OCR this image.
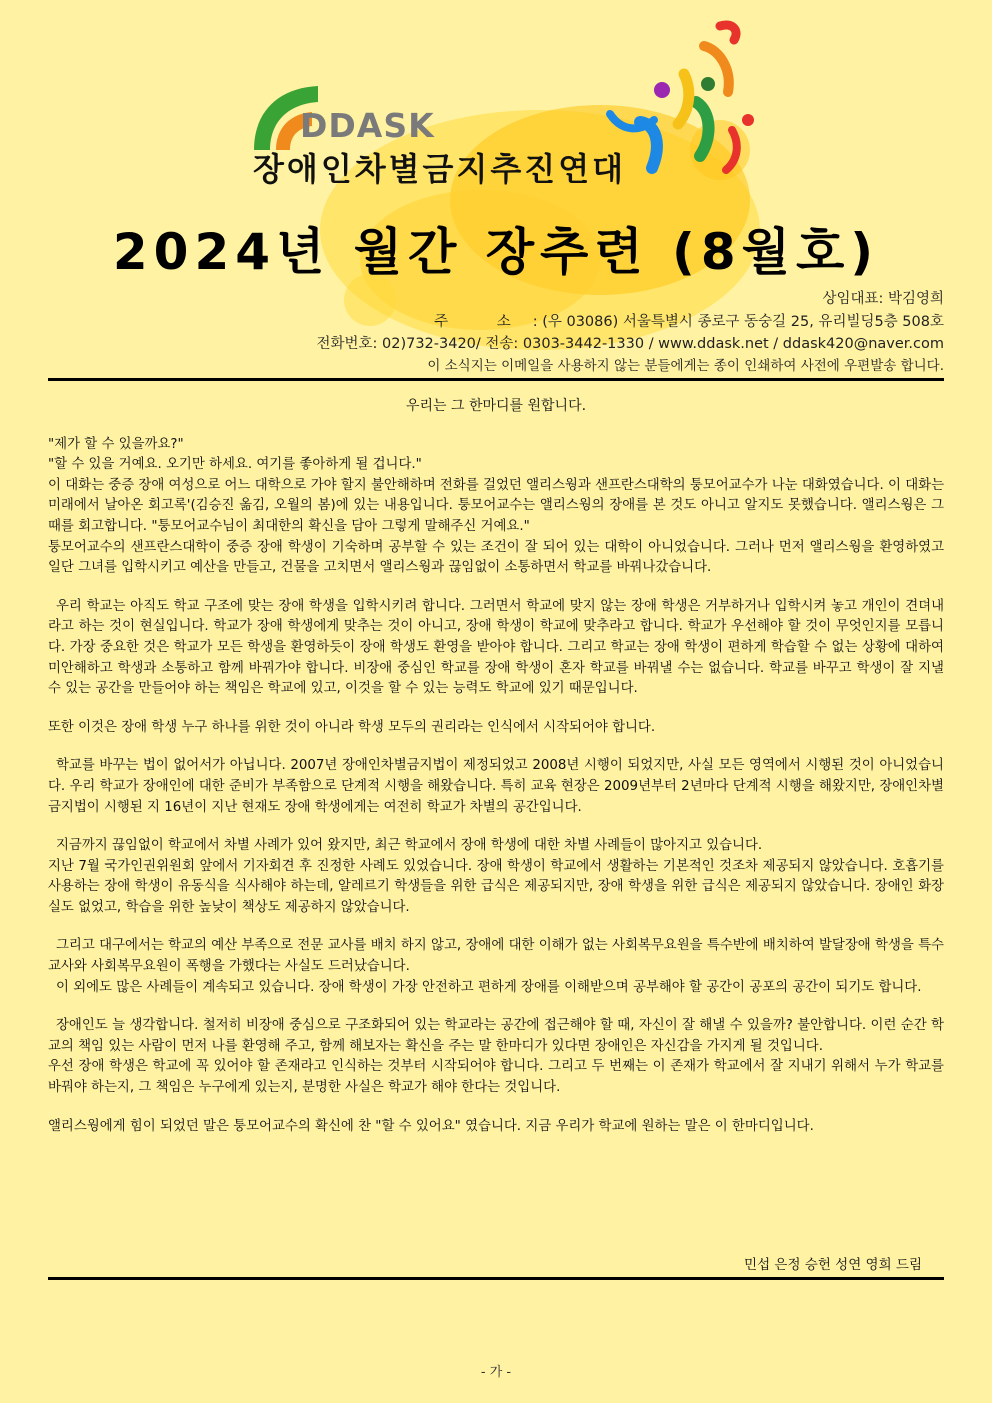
DDASK
장애인차별금지추진연대
2024년 월간 장추련 (8월호)
상임대표: 박김영희
주 소: (우 03086) 서울특별시 종로구 동숭길 25, 유리빌딩5층 508호
전화번호: 02)732-3420/ 전송: 0303-3442-1330 / www.ddask.net / ddask420@naver.com
이 소식지는 이메일을 사용하지 않는 분들에게는 종이 인쇄하여 사전에 우편발송 합니다.

우리는 그 한마디를 원합니다.

"제가 할 수 있을까요?"

"할 수 있을 거예요. 오기만 하세요. 여기를 좋아하게 될 겁니다."

이 대화는 중증 장애 여성으로 어느 대학으로 가야 할지 불안해하며 전화를 걸었던 앨리스웡과 샌프란스대학의 퉁모어교수가 나눈 대화였습니다. 이 대화는 미래에서 날아온 회고록'(김승진 옮김, 오월의 봄)에 있는 내용입니다. 퉁모어교수는 앨리스웡의 장애를 본 것도 아니고 알지도 못했습니다. 앨리스웡은 그때를 회고합니다. "퉁모어교수님이 최대한의 확신을 담아 그렇게 말해주신 거예요."

퉁모어교수의 샌프란스대학이 중증 장애 학생이 기숙하며 공부할 수 있는 조건이 잘 되어 있는 대학이 아니었습니다. 그러나 먼저 앨리스웡을 환영하였고 일단 그녀를 입학시키고 예산을 만들고, 건물을 고치면서 앨리스웡과 끊임없이 소통하면서 학교를 바꿔나갔습니다.

우리 학교는 아직도 학교 구조에 맞는 장애 학생을 입학시키려 합니다. 그러면서 학교에 맞지 않는 장애 학생은 거부하거나 입학시켜 놓고 개인이 견뎌내라고 하는 것이 현실입니다. 학교가 장애 학생에게 맞추는 것이 아니고, 장애 학생이 학교에 맞추라고 합니다. 학교가 우선해야 할 것이 무엇인지를 모릅니다. 가장 중요한 것은 학교가 모든 학생을 환영하듯이 장애 학생도 환영을 받아야 합니다. 그리고 학교는 장애 학생이 편하게 학습할 수 없는 상황에 대하여 미안해하고 학생과 소통하고 함께 바꿔가야 합니다. 비장애 중심인 학교를 장애 학생이 혼자 학교를 바꿔낼 수는 없습니다. 학교를 바꾸고 학생이 잘 지낼 수 있는 공간을 만들어야 하는 책임은 학교에 있고, 이것을 할 수 있는 능력도 학교에 있기 때문입니다.

또한 이것은 장애 학생 누구 하나를 위한 것이 아니라 학생 모두의 권리라는 인식에서 시작되어야 합니다.

학교를 바꾸는 법이 없어서가 아닙니다. 2007년 장애인차별금지법이 제정되었고 2008년 시행이 되었지만, 사실 모든 영역에서 시행된 것이 아니었습니다. 우리 학교가 장애인에 대한 준비가 부족함으로 단계적 시행을 해왔습니다. 특히 교육 현장은 2009년부터 2년마다 단계적 시행을 해왔지만, 장애인차별금지법이 시행된 지 16년이 지난 현재도 장애 학생에게는 여전히 학교가 차별의 공간입니다.

지금까지 끊임없이 학교에서 차별 사례가 있어 왔지만, 최근 학교에서 장애 학생에 대한 차별 사례들이 많아지고 있습니다.

지난 7월 국가인권위원회 앞에서 기자회견 후 진정한 사례도 있었습니다. 장애 학생이 학교에서 생활하는 기본적인 것조차 제공되지 않았습니다. 호흡기를 사용하는 장애 학생이 유동식을 식사해야 하는데, 알레르기 학생들을 위한 급식은 제공되지만, 장애 학생을 위한 급식은 제공되지 않았습니다. 장애인 화장실도 없었고, 학습을 위한 높낮이 책상도 제공하지 않았습니다.

그리고 대구에서는 학교의 예산 부족으로 전문 교사를 배치 하지 않고, 장애에 대한 이해가 없는 사회복무요원을 특수반에 배치하여 발달장애 학생을 특수교사와 사회복무요원이 폭행을 가했다는 사실도 드러났습니다.

이 외에도 많은 사례들이 계속되고 있습니다. 장애 학생이 가장 안전하고 편하게 장애를 이해받으며 공부해야 할 공간이 공포의 공간이 되기도 합니다.

장애인도 늘 생각합니다. 철저히 비장애 중심으로 구조화되어 있는 학교라는 공간에 접근해야 할 때, 자신이 잘 해낼 수 있을까? 불안합니다. 이런 순간 학교의 책임 있는 사람이 먼저 나를 환영해 주고, 함께 해보자는 확신을 주는 말 한마디가 있다면 장애인은 자신감을 가지게 될 것입니다.

우선 장애 학생은 학교에 꼭 있어야 할 존재라고 인식하는 것부터 시작되어야 합니다. 그리고 두 번째는 이 존재가 학교에서 잘 지내기 위해서 누가 학교를 바꿔야 하는지, 그 책임은 누구에게 있는지, 분명한 사실은 학교가 해야 한다는 것입니다.

앨리스웡에게 힘이 되었던 말은 퉁모어교수의 확신에 찬 "할 수 있어요" 였습니다. 지금 우리가 학교에 원하는 말은 이 한마디입니다.

민섭 은정 승헌 성연 영희 드림
- 가 -
